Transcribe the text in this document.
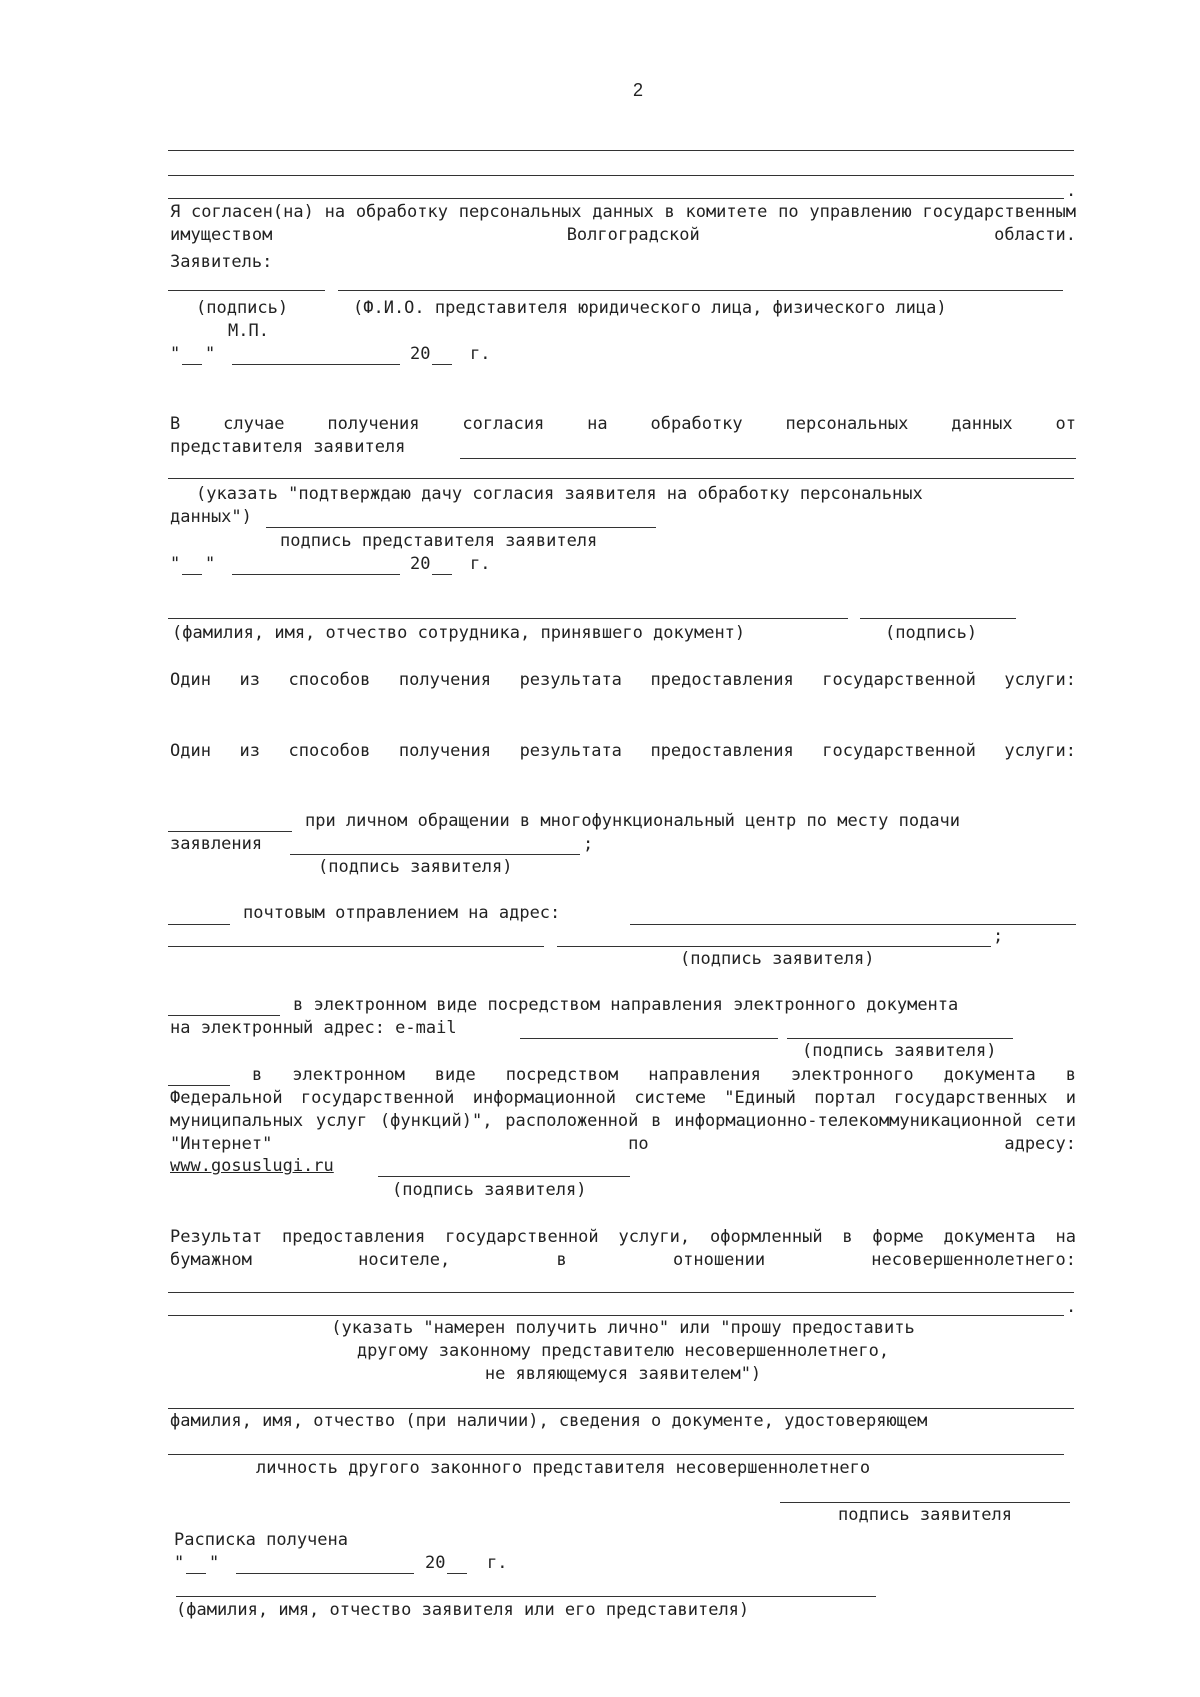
2
.
Я согласен(на) на обработку персональных данных в комитете по управлению государственным имуществом Волгоградской области.
Заявитель:
(подпись)	(Ф.И.О. представителя юридического лица, физического лица)
М.П.
" "	20 г.
В случае получения согласия на обработку персональных данных от
представителя заявителя
(указать "подтверждаю дачу согласия заявителя на обработку персональных
данных")
подпись представителя заявителя
" "	20 г.
(фамилия, имя, отчество сотрудника, принявшего документ)	(подпись)
Один из способов получения результата предоставления государственной услуги:
Один из способов получения результата предоставления государственной услуги:
при личном обращении в многофункциональный центр по месту подачи
заявления	;
(подпись заявителя)
почтовым отправлением на адрес:
;
(подпись заявителя)
в электронном виде посредством направления электронного документа
на электронный адрес: e-mail
(подпись заявителя)
в электронном виде посредством направления электронного документа в
Федеральной государственной информационной системе "Единый портал государственных и муниципальных услуг (функций)", расположенной в информационно-телекоммуникационной сети "Интернет" по адресу:
www.gosuslugi.ru
(подпись заявителя)
Результат предоставления государственной услуги, оформленный в форме документа на бумажном носителе, в отношении несовершеннолетнего:
.
(указать "намерен получить лично" или "прошу предоставить
другому законному представителю несовершеннолетнего,
не являющемуся заявителем")
фамилия, имя, отчество (при наличии), сведения о документе, удостоверяющем
личность другого законного представителя несовершеннолетнего
подпись заявителя
Расписка получена
" "	20 г.
(фамилия, имя, отчество заявителя или его представителя)
